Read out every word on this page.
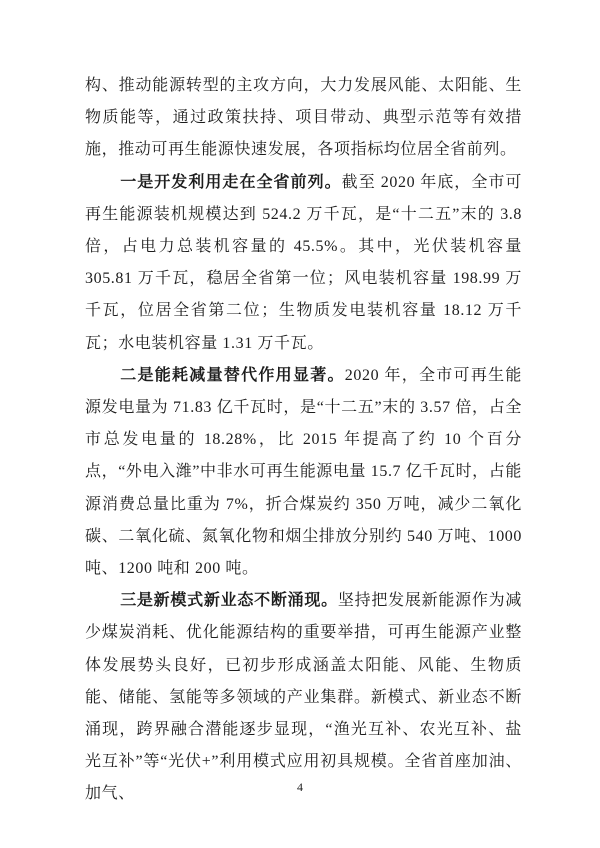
构、推动能源转型的主攻方向，大力发展风能、太阳能、生物质能等，通过政策扶持、项目带动、典型示范等有效措施，推动可再生能源快速发展，各项指标均位居全省前列。

一是开发利用走在全省前列。截至 2020 年底，全市可再生能源装机规模达到 524.2 万千瓦，是“十二五”末的 3.8 倍，占电力总装机容量的 45.5%。其中，光伏装机容量 305.81 万千瓦，稳居全省第一位；风电装机容量 198.99 万千瓦，位居全省第二位；生物质发电装机容量 18.12 万千瓦；水电装机容量 1.31 万千瓦。

二是能耗减量替代作用显著。2020 年，全市可再生能源发电量为 71.83 亿千瓦时，是“十二五”末的 3.57 倍，占全市总发电量的 18.28%，比 2015 年提高了约 10 个百分点，“外电入潍”中非水可再生能源电量 15.7 亿千瓦时，占能源消费总量比重为 7%，折合煤炭约 350 万吨，减少二氧化碳、二氧化硫、氮氧化物和烟尘排放分别约 540 万吨、1000 吨、1200 吨和 200 吨。

三是新模式新业态不断涌现。坚持把发展新能源作为减少煤炭消耗、优化能源结构的重要举措，可再生能源产业整体发展势头良好，已初步形成涵盖太阳能、风能、生物质能、储能、氢能等多领域的产业集群。新模式、新业态不断涌现，跨界融合潜能逐步显现，“渔光互补、农光互补、盐光互补”等“光伏+”利用模式应用初具规模。全省首座加油、加气、	4
